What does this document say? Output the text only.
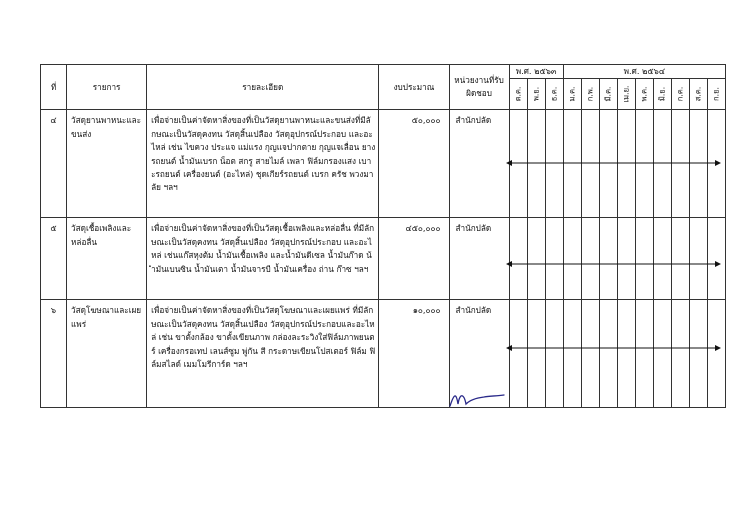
ที่	รายการ	รายละเอียด	งบประมาณ	หน่วยงานที่รับผิดชอบ	พ.ศ. ๒๕๖๓			พ.ศ. ๒๕๖๔								

					ต.ค.	พ.ย.	ธ.ค.	ม.ค.	ก.พ.	มี.ค.	เม.ย.	พ.ค.	มิ.ย.	ก.ค.	ส.ค.	ก.ย.

๔	วัสดุยานพาหนะและขนส่ง	เพื่อจ่ายเป็นค่าจัดหาสิ่งของที่เป็นวัสดุยานพาหนะและขนส่งที่มีลักษณะเป็นวัสดุคงทน วัสดุสิ้นเปลือง วัสดุอุปกรณ์ประกอบ และอะไหล่ เช่น ไขควง ประแจ แม่แรง กุญแจปากตาย กุญแจเลื่อน ยางรถยนต์ น้ำมันเบรก น็อต สกรู สายไมล์ เพลา ฟิล์มกรองแสง เบาะรถยนต์ เครื่องยนต์ (อะไหล่) ชุดเกียร์รถยนต์ เบรก ครัช พวงมาลัย ฯลฯ	๕๐,๐๐๐	สำนักปลัด												
๕	วัสดุเชื้อเพลิงและหล่อลื่น	เพื่อจ่ายเป็นค่าจัดหาสิ่งของที่เป็นวัสดุเชื้อเพลิงและหล่อลื่น ที่มีลักษณะเป็นวัสดุคงทน วัสดุสิ้นเปลือง วัสดุอุปกรณ์ประกอบ และอะไหล่ เช่นแก๊สหุงต้ม น้ำมันเชื้อเพลิง และน้ำมันดีเซล น้ำมันก๊าด น้ำมันเบนซิน น้ำมันเตา น้ำมันจารบี น้ำมันเครื่อง ถ่าน ก๊าซ ฯลฯ	๔๕๐,๐๐๐	สำนักปลัด												
๖	วัสดุโฆษณาและเผยแพร่	เพื่อจ่ายเป็นค่าจัดหาสิ่งของที่เป็นวัสดุโฆษณาและเผยแพร่ ที่มีลักษณะเป็นวัสดุคงทน วัสดุสิ้นเปลือง วัสดุอุปกรณ์ประกอบและอะไหล่ เช่น ขาตั้งกล้อง ขาตั้งเขียนภาพ กล่องละระวิงใส่ฟิล์มภาพยนตร์ เครื่องกรอเทป เลนส์ซูม พู่กัน สี กระดาษเขียนโปสเตอร์ ฟิล์ม ฟิล์มสไลด์ เมมโมรีการ์ด ฯลฯ	๑๐,๐๐๐	สำนักปลัด												
